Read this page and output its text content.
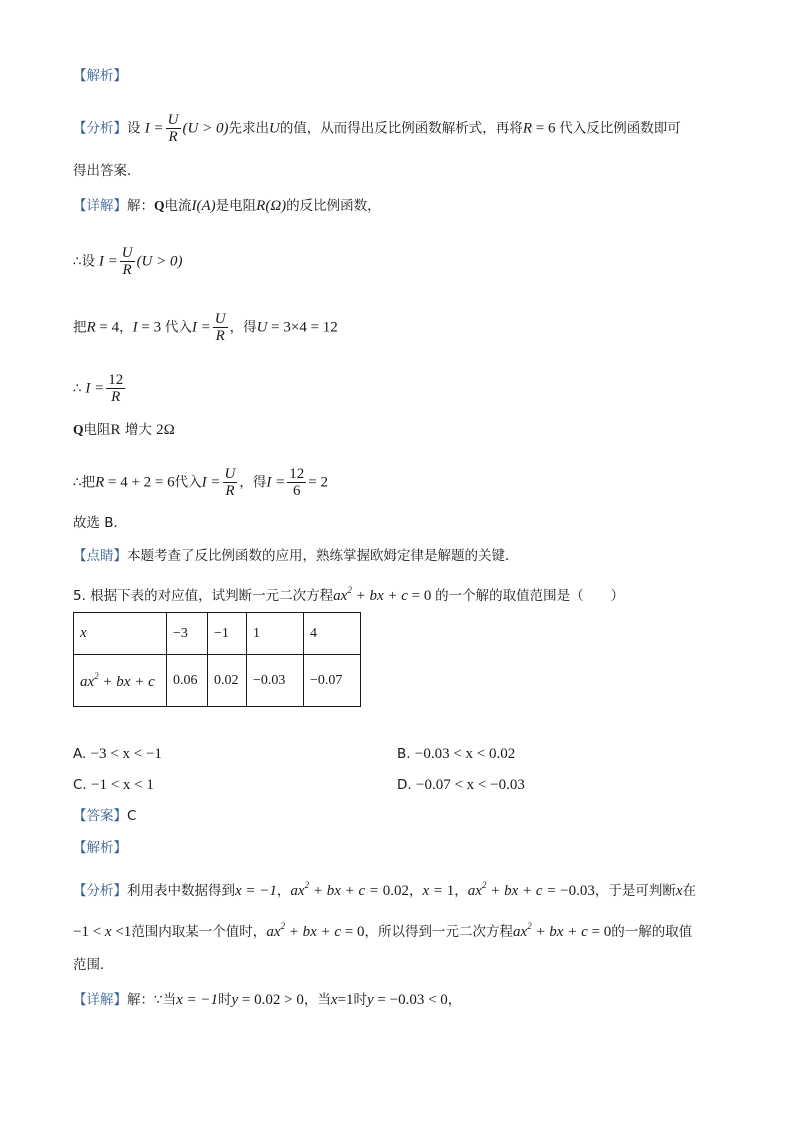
【解析】
【分析】设 $I = \frac{U}{R} (U > 0)$先求出U的值，从而得出反比例函数解析式，再将R = 6 代入反比例函数即可
得出答案．
【详解】解：Q电流I(A)是电阻R(Ω)的反比例函数，
∴设 $I = \frac{U}{R} (U > 0)$
把R = 4，I = 3 代入$I = \frac{U}{R}$ ，得U = 3×4 = 12
∴ $I = \frac{12}{R}$
Q电阻R 增大 2Ω
∴把R = 4 + 2 = 6代入$I = \frac{U}{R}$ ，得$I = \frac{12}{6} = 2$
故选 B．
【点睛】本题考查了反比例函数的应用，熟练掌握欧姆定律是解题的关键．
5. 根据下表的对应值，试判断一元二次方程$ax^2$ + bx + c = 0 的一个解的取值范围是（　　）
x	−3	−1	1	4
$ax^2$ + bx + c	0.06	0.02	−0.03	−0.07
A. −3 < x < −1	B. −0.03 < x < 0.02
C. −1 < x < 1	D. −0.07 < x < −0.03
【答案】C
【解析】
【分析】利用表中数据得到x = −1，$ax^2$ + bx + c = 0.02，x = 1，$ax^2$ + bx + c = −0.03，于是可判断x在
−1 < x <1范围内取某一个值时，$ax^2$ + bx + c = 0，所以得到一元二次方程$ax^2$ + bx + c = 0的一解的取值
范围．
【详解】解：∵当x = −1时y = 0.02 > 0，当x=1时y = −0.03 < 0，
